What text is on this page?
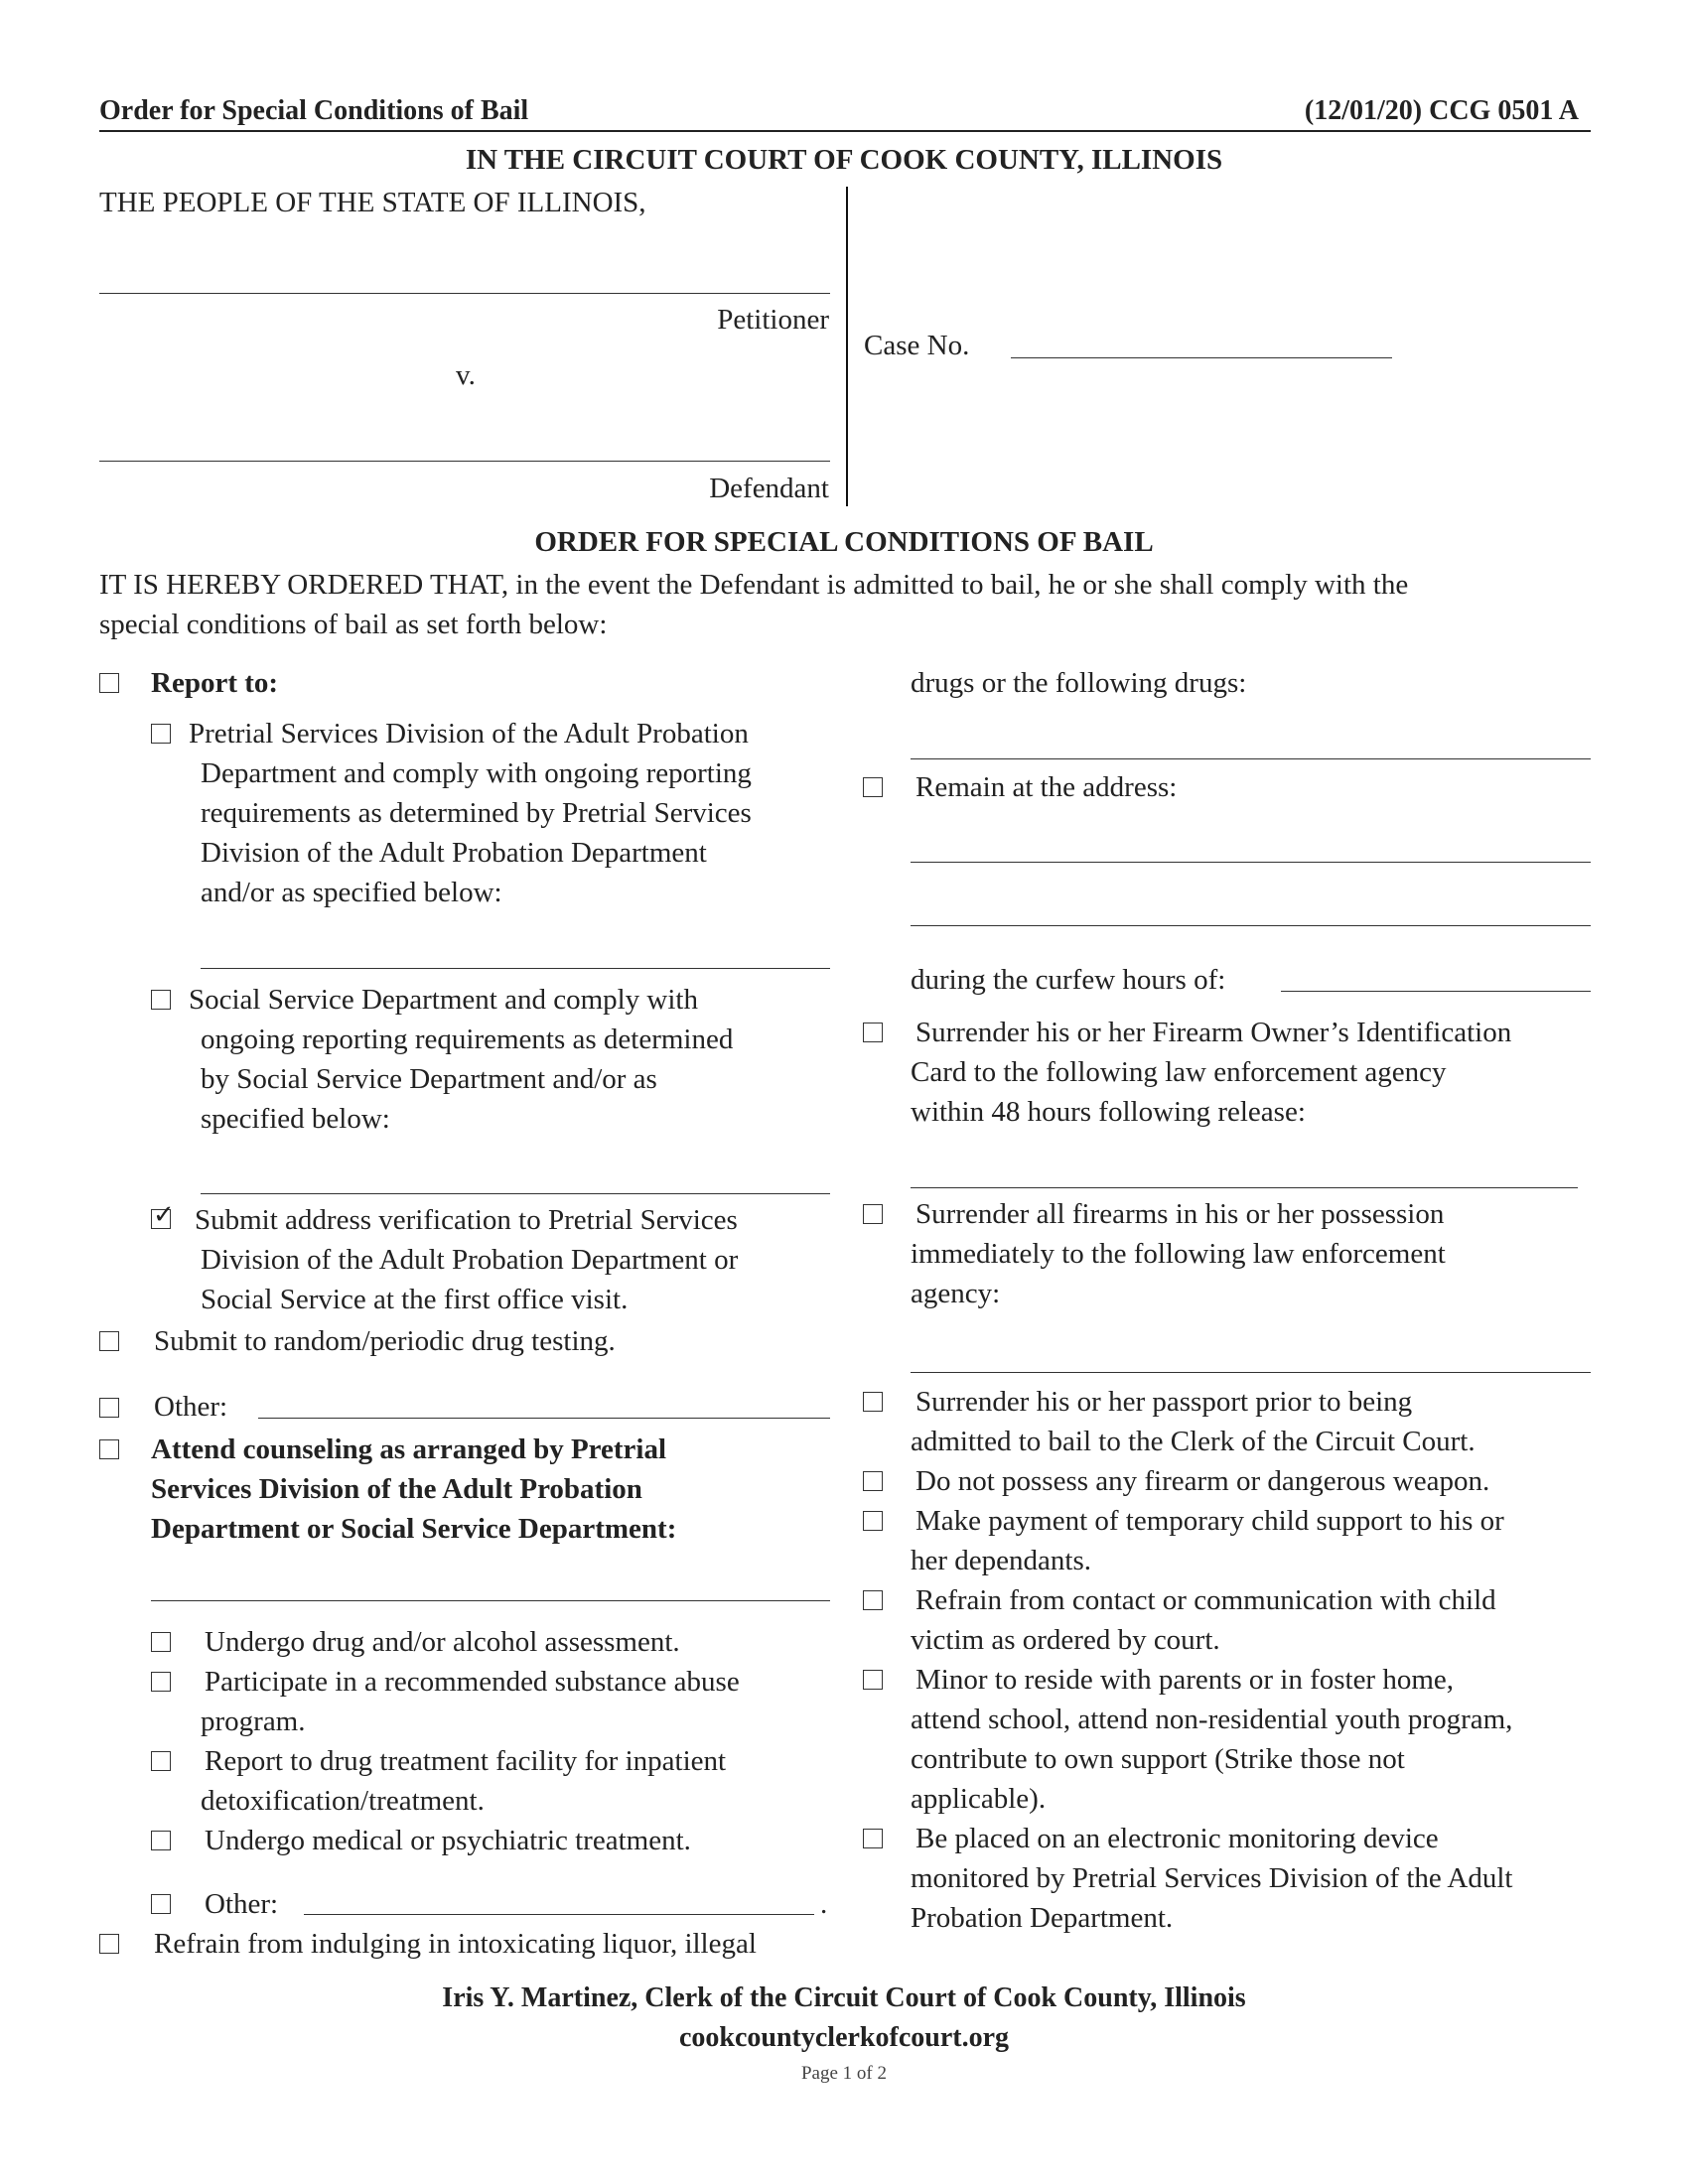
Order for Special Conditions of Bail	(12/01/20) CCG 0501 A
IN THE CIRCUIT COURT OF COOK COUNTY, ILLINOIS
THE PEOPLE OF THE STATE OF ILLINOIS,
Petitioner
v.
Defendant
Case No.
ORDER FOR SPECIAL CONDITIONS OF BAIL
IT IS HEREBY ORDERED THAT, in the event the Defendant is admitted to bail, he or she shall comply with the
special conditions of bail as set forth below:
Report to:
Pretrial Services Division of the Adult Probation
Department and comply with ongoing reporting
requirements as determined by Pretrial Services
Division of the Adult Probation Department
and/or as specified below:
Social Service Department and comply with
ongoing reporting requirements as determined
by Social Service Department and/or as
specified below:
✓
Submit address verification to Pretrial Services
Division of the Adult Probation Department or
Social Service at the first office visit.
Submit to random/periodic drug testing.
Other:
Attend counseling as arranged by Pretrial
Services Division of the Adult Probation
Department or Social Service Department:
Undergo drug and/or alcohol assessment.
Participate in a recommended substance abuse
program.
Report to drug treatment facility for inpatient
detoxification/treatment.
Undergo medical or psychiatric treatment.
Other:	.
Refrain from indulging in intoxicating liquor, illegal
drugs or the following drugs:
Remain at the address:
during the curfew hours of:
Surrender his or her Firearm Owner’s Identification
Card to the following law enforcement agency
within 48 hours following release:
Surrender all firearms in his or her possession
immediately to the following law enforcement
agency:
Surrender his or her passport prior to being
admitted to bail to the Clerk of the Circuit Court.
Do not possess any firearm or dangerous weapon.
Make payment of temporary child support to his or
her dependants.
Refrain from contact or communication with child
victim as ordered by court.
Minor to reside with parents or in foster home,
attend school, attend non-residential youth program,
contribute to own support (Strike those not
applicable).
Be placed on an electronic monitoring device
monitored by Pretrial Services Division of the Adult
Probation Department.
Iris Y. Martinez, Clerk of the Circuit Court of Cook County, Illinois
cookcountyclerkofcourt.org
Page 1 of 2
